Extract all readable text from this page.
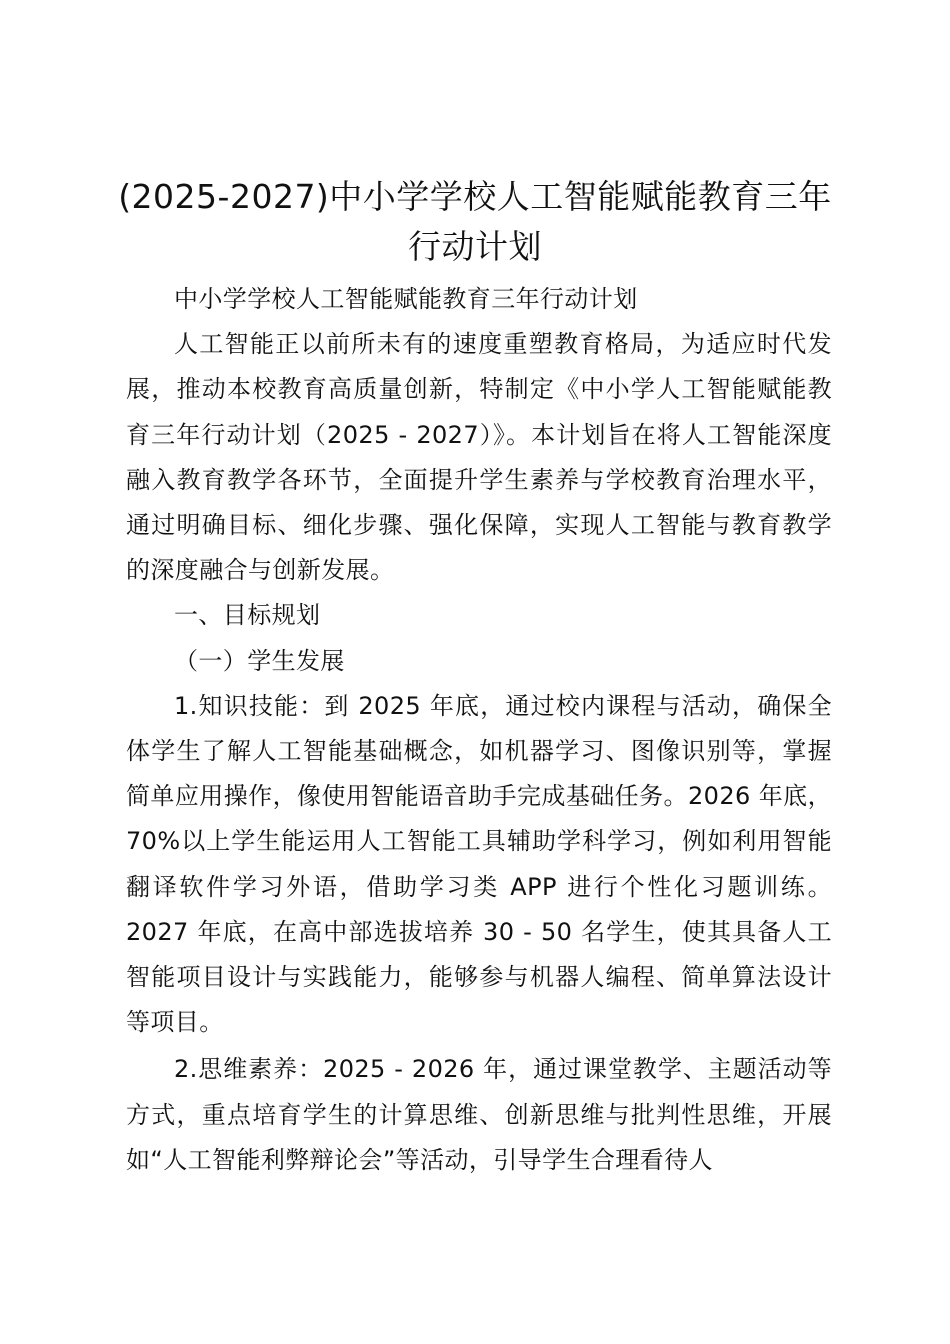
(2025-2027)中小学学校人工智能赋能教育三年行动计划

中小学学校人工智能赋能教育三年行动计划

人工智能正以前所未有的速度重塑教育格局，为适应时代发展，推动本校教育高质量创新，特制定《中小学人工智能赋能教育三年行动计划（2025 - 2027）》。本计划旨在将人工智能深度融入教育教学各环节，全面提升学生素养与学校教育治理水平，通过明确目标、细化步骤、强化保障，实现人工智能与教育教学的深度融合与创新发展。

一、目标规划

（一）学生发展

1.知识技能：到 2025 年底，通过校内课程与活动，确保全体学生了解人工智能基础概念，如机器学习、图像识别等，掌握简单应用操作，像使用智能语音助手完成基础任务。2026 年底，70%以上学生能运用人工智能工具辅助学科学习，例如利用智能翻译软件学习外语，借助学习类 APP 进行个性化习题训练。2027 年底，在高中部选拔培养 30 - 50 名学生，使其具备人工智能项目设计与实践能力，能够参与机器人编程、简单算法设计等项目。

2.思维素养：2025 - 2026 年，通过课堂教学、主题活动等方式，重点培育学生的计算思维、创新思维与批判性思维，开展如“人工智能利弊辩论会”等活动，引导学生合理看待人
